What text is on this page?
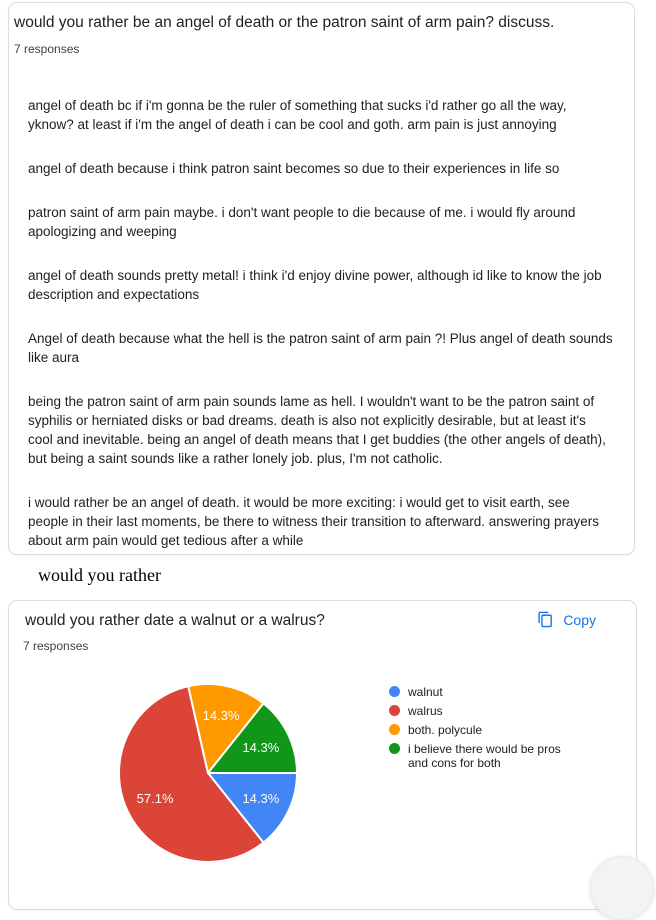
would you rather be an angel of death or the patron saint of arm pain? discuss.
7 responses
angel of death bc if i'm gonna be the ruler of something that sucks i'd rather go all the way, yknow? at least if i'm the angel of death i can be cool and goth. arm pain is just annoying
angel of death because i think patron saint becomes so due to their experiences in life so
patron saint of arm pain maybe. i don't want people to die because of me. i would fly around apologizing and weeping
angel of death sounds pretty metal! i think i'd enjoy divine power, although id like to know the job description and expectations
Angel of death because what the hell is the patron saint of arm pain ?! Plus angel of death sounds like aura
being the patron saint of arm pain sounds lame as hell. I wouldn't want to be the patron saint of syphilis or herniated disks or bad dreams. death is also not explicitly desirable, but at least it's cool and inevitable. being an angel of death means that I get buddies (the other angels of death), but being a saint sounds like a rather lonely job. plus, I'm not catholic.
i would rather be an angel of death. it would be more exciting: i would get to visit earth, see people in their last moments, be there to witness their transition to afterward. answering prayers about arm pain would get tedious after a while
would you rather
would you rather date a walnut or a walrus?	Copy
7 responses
14.3%
57.1%
14.3%
14.3%
walnut
walrus
both. polycule
i believe there would be pros and cons for both
